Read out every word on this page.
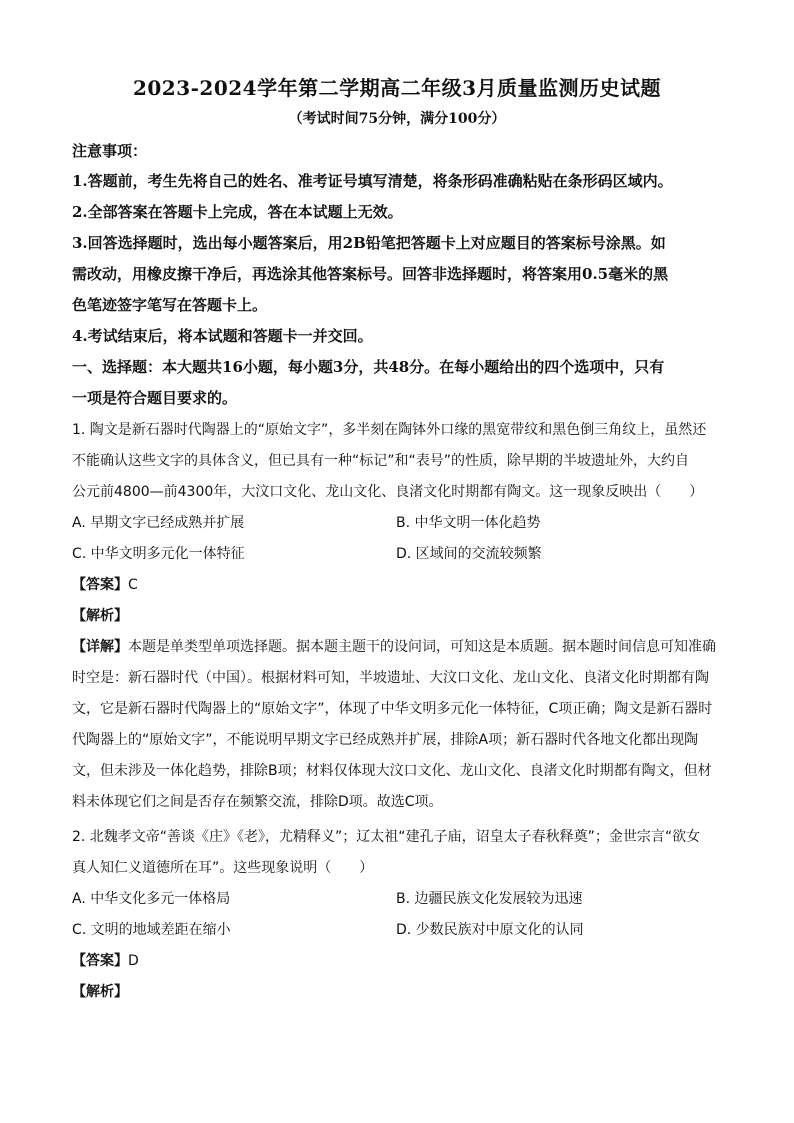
2023-2024学年第二学期高二年级3月质量监测历史试题
（考试时间75分钟，满分100分）
注意事项：
1.答题前，考生先将自己的姓名、准考证号填写清楚，将条形码准确粘贴在条形码区域内。
2.全部答案在答题卡上完成，答在本试题上无效。
3.回答选择题时，选出每小题答案后，用2B铅笔把答题卡上对应题目的答案标号涂黑。如
需改动，用橡皮擦干净后，再选涂其他答案标号。回答非选择题时，将答案用0.5毫米的黑
色笔迹签字笔写在答题卡上。
4.考试结束后，将本试题和答题卡一并交回。
一、选择题：本大题共16小题，每小题3分，共48分。在每小题给出的四个选项中，只有
一项是符合题目要求的。
1. 陶文是新石器时代陶器上的“原始文字”，多半刻在陶钵外口缘的黑宽带纹和黑色倒三角纹上，虽然还
不能确认这些文字的具体含义，但已具有一种“标记”和“表号”的性质，除早期的半坡遗址外，大约自
公元前4800—前4300年，大汶口文化、龙山文化、良渚文化时期都有陶文。这一现象反映出（　　）
A. 早期文字已经成熟并扩展	B. 中华文明一体化趋势
C. 中华文明多元化一体特征	D. 区域间的交流较频繁
【答案】C
【解析】
【详解】本题是单类型单项选择题。据本题主题干的设问词，可知这是本质题。据本题时间信息可知准确
时空是：新石器时代（中国）。根据材料可知，半坡遗址、大汶口文化、龙山文化、良渚文化时期都有陶
文，它是新石器时代陶器上的“原始文字”，体现了中华文明多元化一体特征，C项正确；陶文是新石器时
代陶器上的“原始文字”，不能说明早期文字已经成熟并扩展，排除A项；新石器时代各地文化都出现陶
文，但未涉及一体化趋势，排除B项；材料仅体现大汶口文化、龙山文化、良渚文化时期都有陶文，但材
料未体现它们之间是否存在频繁交流，排除D项。故选C项。
2. 北魏孝文帝“善谈《庄》《老》，尤精释义”；辽太祖“建孔子庙，诏皇太子春秋释奠”；金世宗言“欲女
真人知仁义道德所在耳”。这些现象说明（　　）
A. 中华文化多元一体格局	B. 边疆民族文化发展较为迅速
C. 文明的地域差距在缩小	D. 少数民族对中原文化的认同
【答案】D
【解析】
